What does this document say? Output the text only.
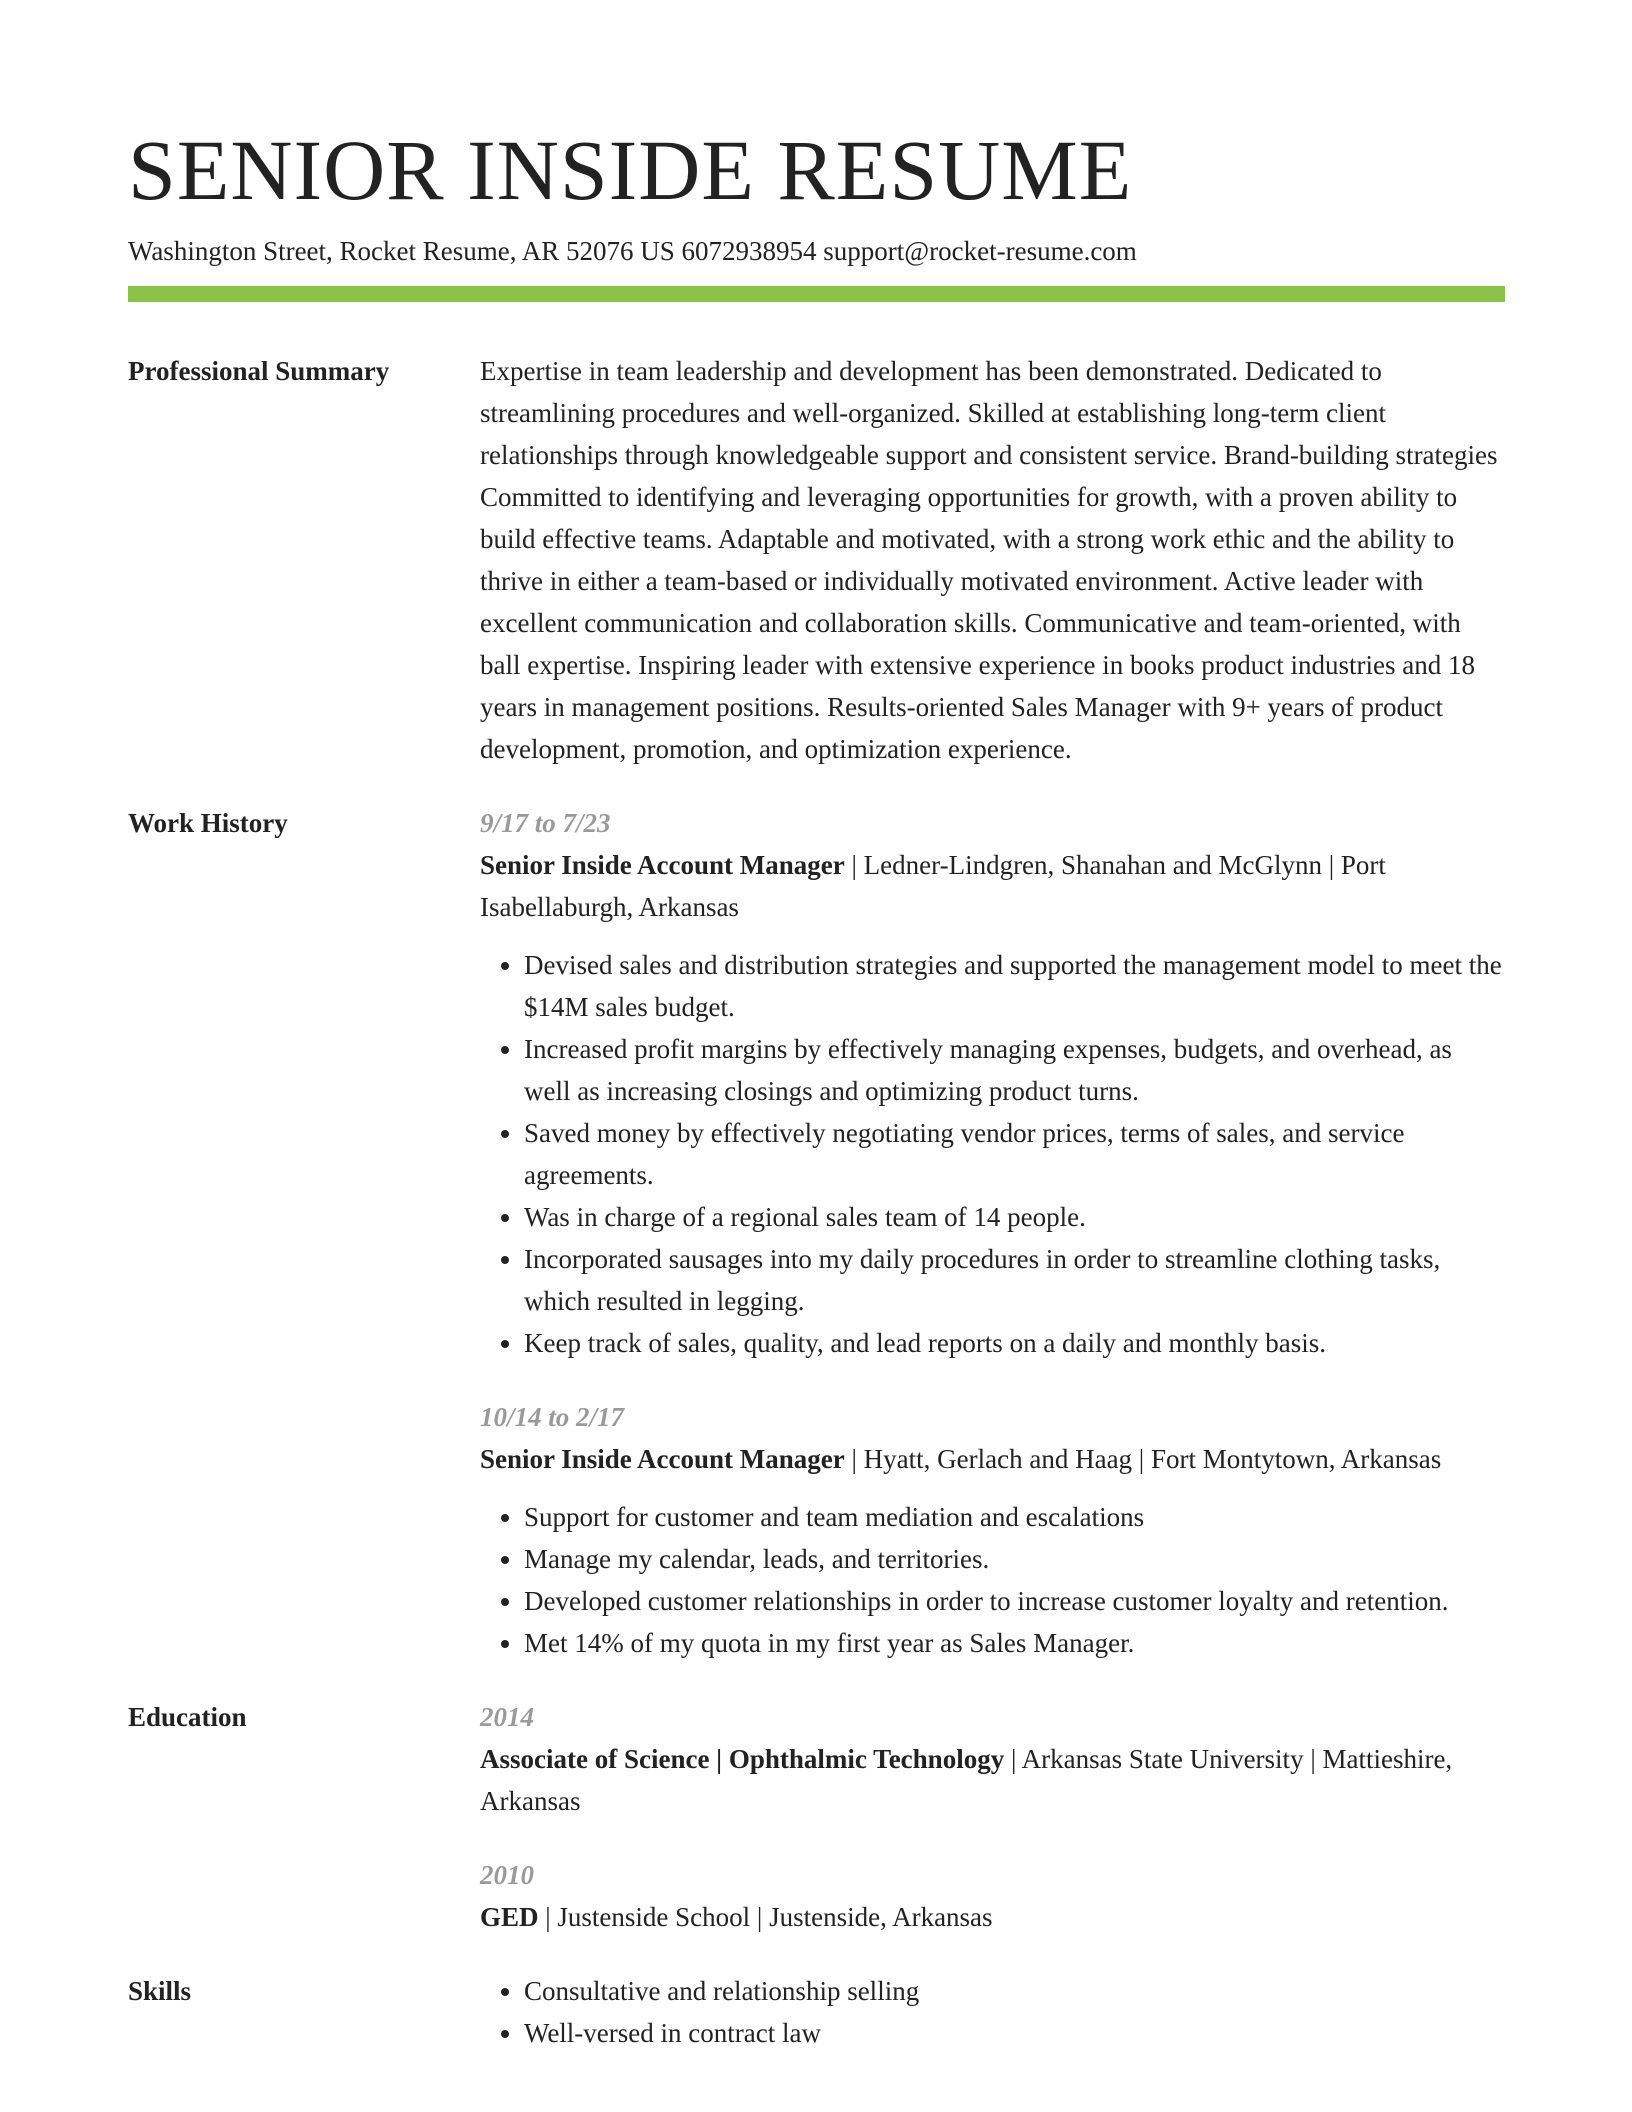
SENIOR INSIDE RESUME
Washington Street, Rocket Resume, AR 52076 US 6072938954 support@rocket-resume.com
Professional Summary	Expertise in team leadership and development has been demonstrated. Dedicated to streamlining procedures and well-organized. Skilled at establishing long-term client relationships through knowledgeable support and consistent service. Brand-building strategies Committed to identifying and leveraging opportunities for growth, with a proven ability to build effective teams. Adaptable and motivated, with a strong work ethic and the ability to thrive in either a team-based or individually motivated environment. Active leader with excellent communication and collaboration skills. Communicative and team-oriented, with ball expertise. Inspiring leader with extensive experience in books product industries and 18 years in management positions. Results-oriented Sales Manager with 9+ years of product development, promotion, and optimization experience.

Work History	9/17 to 7/23
Senior Inside Account Manager | Ledner-Lindgren, Shanahan and McGlynn | Port Isabellaburgh, Arkansas
• Devised sales and distribution strategies and supported the management model to meet the $14M sales budget.
• Increased profit margins by effectively managing expenses, budgets, and overhead, as well as increasing closings and optimizing product turns.
• Saved money by effectively negotiating vendor prices, terms of sales, and service agreements.
• Was in charge of a regional sales team of 14 people.
• Incorporated sausages into my daily procedures in order to streamline clothing tasks, which resulted in legging.
• Keep track of sales, quality, and lead reports on a daily and monthly basis.
10/14 to 2/17
Senior Inside Account Manager | Hyatt, Gerlach and Haag | Fort Montytown, Arkansas
• Support for customer and team mediation and escalations
• Manage my calendar, leads, and territories.
• Developed customer relationships in order to increase customer loyalty and retention.
• Met 14% of my quota in my first year as Sales Manager.
Education	2014
Associate of Science | Ophthalmic Technology | Arkansas State University | Mattieshire, Arkansas
2010
GED | Justenside School | Justenside, Arkansas
Skills
•	Consultative and relationship selling
• Well-versed in contract law
